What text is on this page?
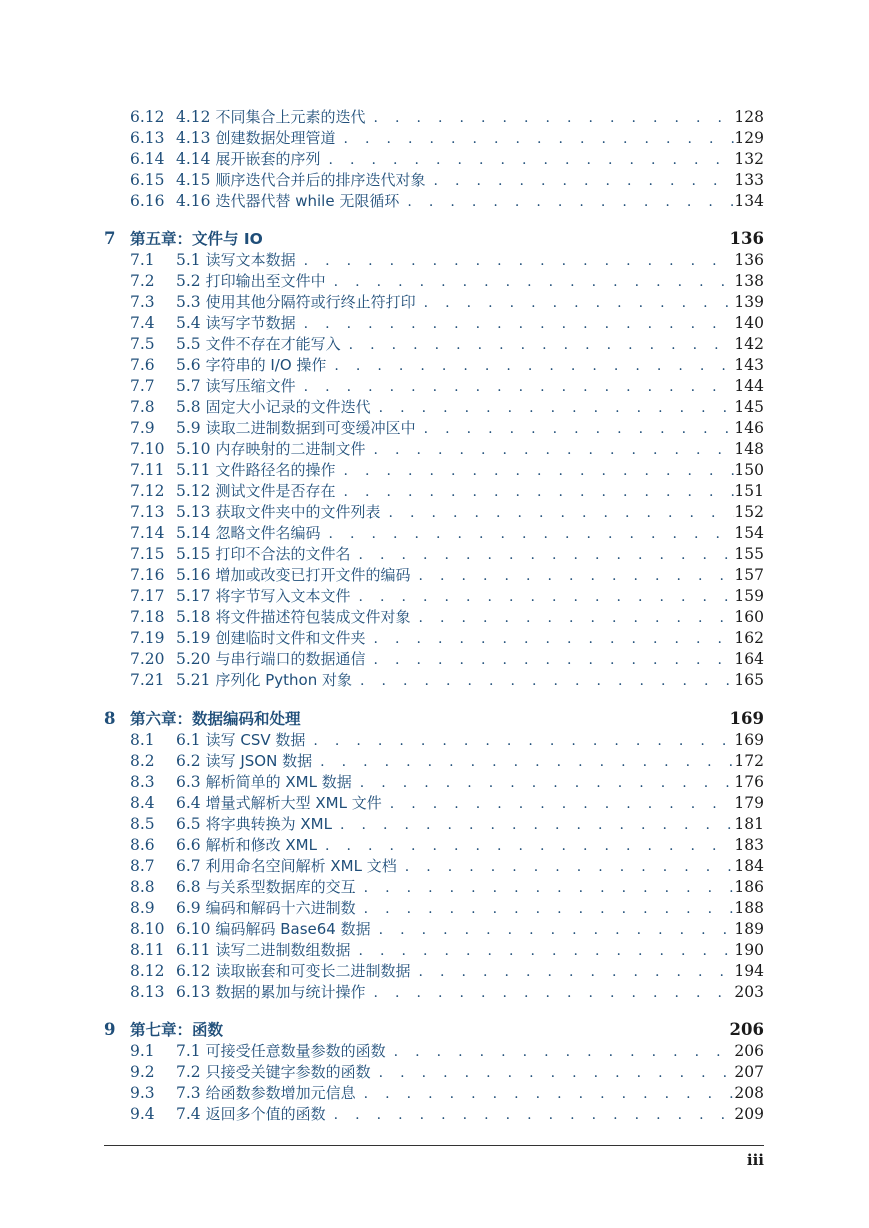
6.12 4.12 不同集合上元素的迭代 . . .	128
6.13 4.13 创建数据处理管道 . . .	129
6.14 4.14 展开嵌套的序列 . . .	132
6.15 4.15 顺序迭代合并后的排序迭代对象 . . .	133
6.16 4.16 迭代器代替 while 无限循环 . . .	134
7 第五章：文件与 IO	136
7.1	5.1 读写文本数据 . . .	136
7.2	5.2 打印输出至文件中 . . .	138
7.3	5.3 使用其他分隔符或行终止符打印 . . .	139
7.4	5.4 读写字节数据 . . .	140
7.5	5.5 文件不存在才能写入 . . .	142
7.6	5.6 字符串的 I/O 操作 . . .	143
7.7	5.7 读写压缩文件 . . .	144
7.8	5.8 固定大小记录的文件迭代 . . .	145
7.9	5.9 读取二进制数据到可变缓冲区中 . . .	146
7.10 5.10 内存映射的二进制文件 . . .	148
7.11 5.11 文件路径名的操作 . . .	150
7.12 5.12 测试文件是否存在 . . .	151
7.13 5.13 获取文件夹中的文件列表 . . .	152
7.14 5.14 忽略文件名编码 . . .	154
7.15 5.15 打印不合法的文件名 . . .	155
7.16 5.16 增加或改变已打开文件的编码 . . .	157
7.17 5.17 将字节写入文本文件 . . .	159
7.18 5.18 将文件描述符包装成文件对象 . . .	160
7.19 5.19 创建临时文件和文件夹 . . .	162
7.20 5.20 与串行端口的数据通信 . . .	164
7.21 5.21 序列化 Python 对象 . . .	165
8 第六章：数据编码和处理	169
8.1	6.1 读写 CSV 数据 . . .	169
8.2	6.2 读写 JSON 数据 . . .	172
8.3	6.3 解析简单的 XML 数据 . . .	176
8.4	6.4 增量式解析大型 XML 文件 . . .	179
8.5	6.5 将字典转换为 XML . . .	181
8.6	6.6 解析和修改 XML . . .	183
8.7	6.7 利用命名空间解析 XML 文档 . . .	184
8.8	6.8 与关系型数据库的交互 . . .	186
8.9	6.9 编码和解码十六进制数 . . .	188
8.10 6.10 编码解码 Base64 数据 . . .	189
8.11 6.11 读写二进制数组数据 . . .	190
8.12 6.12 读取嵌套和可变长二进制数据 . . .	194
8.13 6.13 数据的累加与统计操作 . . .	203
9 第七章：函数	206
9.1	7.1 可接受任意数量参数的函数 . . .	206
9.2	7.2 只接受关键字参数的函数 . . .	207
9.3	7.3 给函数参数增加元信息 . . .	208
9.4	7.4 返回多个值的函数 . . .	209
iii
